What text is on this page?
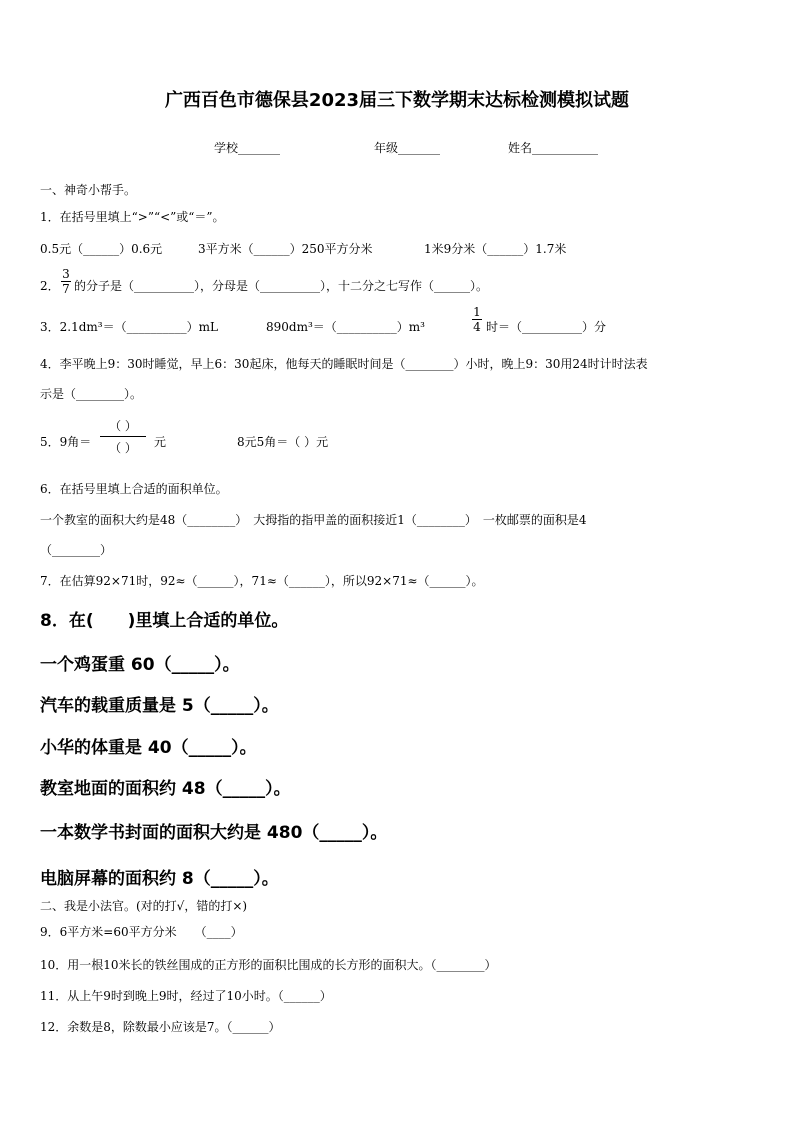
广西百色市德保县2023届三下数学期末达标检测模拟试题
学校_______	年级_______	姓名___________
一、神奇小帮手。
1．在括号里填上“>”“<”或“＝”。
0.5元（______）0.6元	3平方米（______）250平方分米	1米9分米（______）1.7米
2．
3
7 的分子是（__________），分母是（__________），十二分之七写作（______）。
3．2.1dm³＝（__________）mL	890dm³＝（__________）m³
1
4 时＝（__________）分
4．李平晚上9：30时睡觉，早上6：30起床，他每天的睡眠时间是（________）小时，晚上9：30用24时计时法表
示是（________）。
5．9角＝
（ ）
（ ）	元	8元5角＝（ ）元
6．在括号里填上合适的面积单位。
一个教室的面积大约是48（________）　大拇指的指甲盖的面积接近1（________）　一枚邮票的面积是4
（________）
7．在估算92×71时，92≈（______），71≈（______），所以92×71≈（______）。
8．在(　　)里填上合适的单位。
一个鸡蛋重 60（_____）。
汽车的载重质量是 5（_____）。
小华的体重是 40（_____）。
教室地面的面积约 48（_____）。
一本数学书封面的面积大约是 480（_____）。
电脑屏幕的面积约 8（_____）。
二、我是小法官。(对的打√，错的打×)
9．6平方米=60平方分米　　（____）
10．用一根10米长的铁丝围成的正方形的面积比围成的长方形的面积大。（________）
11．从上午9时到晚上9时，经过了10小时。（______）
12．余数是8，除数最小应该是7。（______）
